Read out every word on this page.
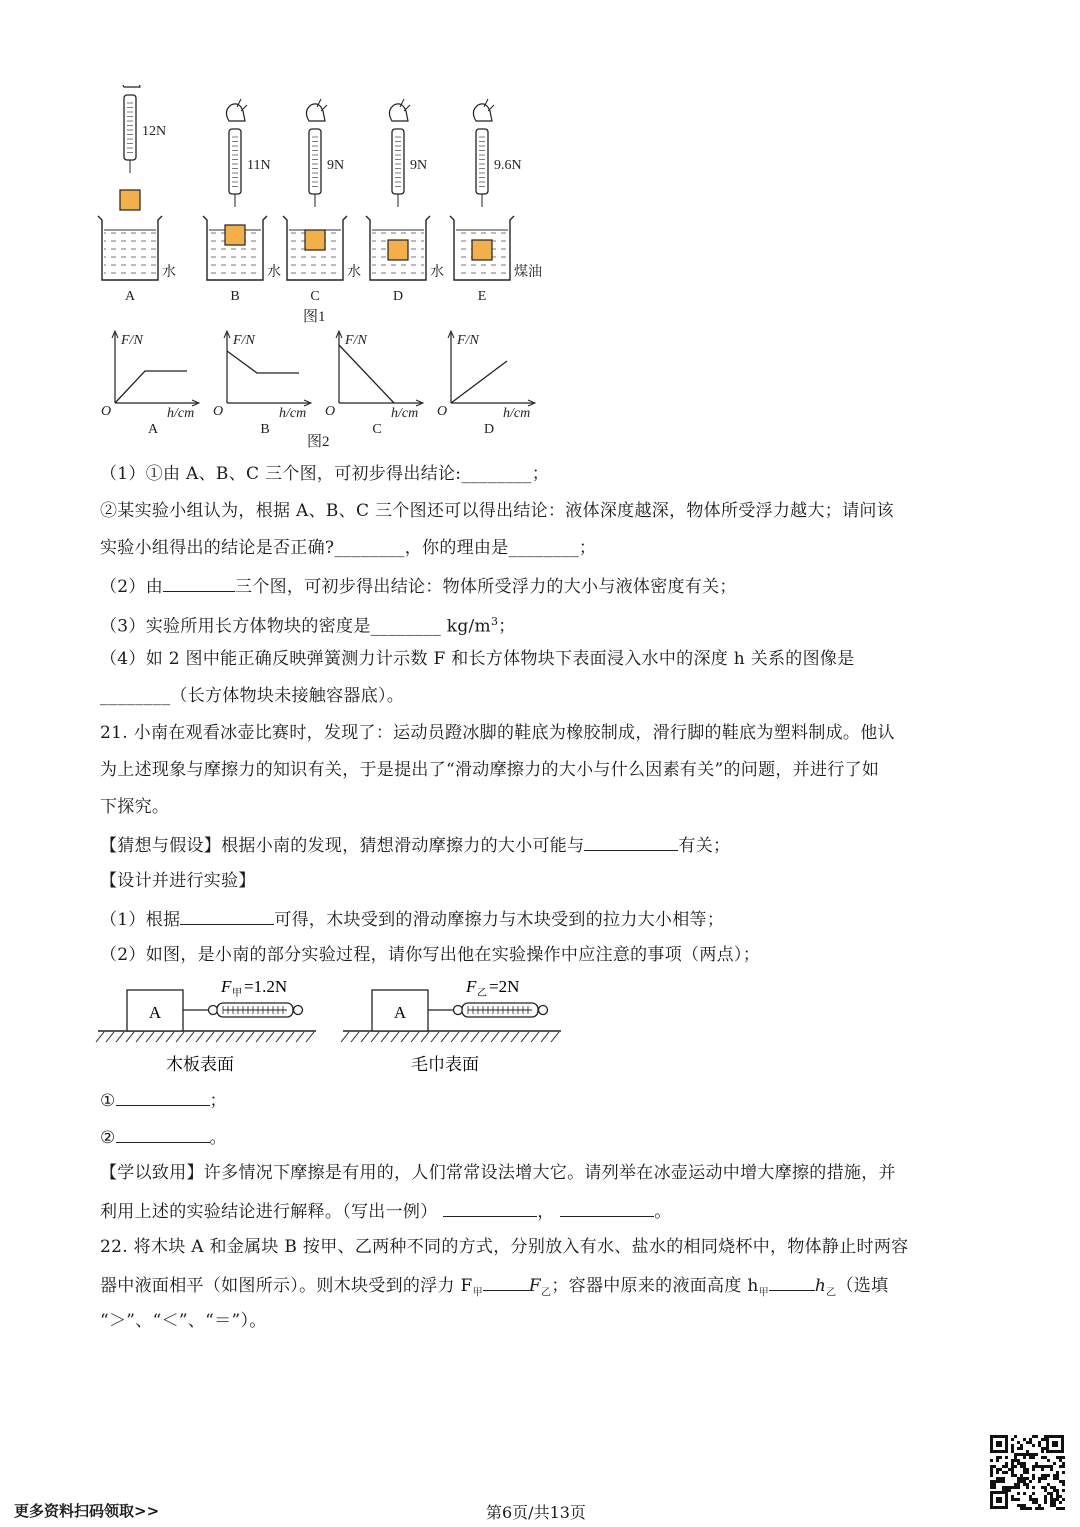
12N
水
A
11N
水
B
9N
水
C
9N
水
D
9.6N
煤油
E
图1
F/N
O	h/cm
A
F/N
O	h/cm
B
F/N
O	h/cm
C
F/N
O	h/cm
D
图2
（1）①由 A、B、C 三个图，可初步得出结论:________；
②某实验小组认为，根据 A、B、C 三个图还可以得出结论：液体深度越深，物体所受浮力越大；请问该
实验小组得出的结论是否正确?________，你的理由是________；
（2）由	三个图，可初步得出结论：物体所受浮力的大小与液体密度有关；
（3）实验所用长方体物块的密度是________ $kg/m^3$；
（4）如 2 图中能正确反映弹簧测力计示数 F 和长方体物块下表面浸入水中的深度 h 关系的图像是
________（长方体物块未接触容器底）。
21. 小南在观看冰壶比赛时，发现了：运动员蹬冰脚的鞋底为橡胶制成，滑行脚的鞋底为塑料制成。他认
为上述现象与摩擦力的知识有关，于是提出了“滑动摩擦力的大小与什么因素有关”的问题，并进行了如
下探究。
【猜想与假设】根据小南的发现，猜想滑动摩擦力的大小可能与	有关；
【设计并进行实验】
（1）根据	可得，木块受到的滑动摩擦力与木块受到的拉力大小相等；
（2）如图，是小南的部分实验过程，请你写出他在实验操作中应注意的事项（两点）；
A
F 甲 =1.2N
木板表面
A
F 乙 =2N
毛巾表面
①	；
②	。
【学以致用】许多情况下摩擦是有用的，人们常常设法增大它。请列举在冰壶运动中增大摩擦的措施，并
利用上述的实验结论进行解释。（写出一例）	，	。
22. 将木块 A 和金属块 B 按甲、乙两种不同的方式，分别放入有水、盐水的相同烧杯中，物体静止时两容
器中液面相平（如图所示）。则木块受到的浮力 $F_甲$	$F_乙$；容器中原来的液面高度 $h_甲$	$h_乙$（选填
“＞”、“＜”、“＝”）。
更多资料扫码领取>>	第6页/共13页
